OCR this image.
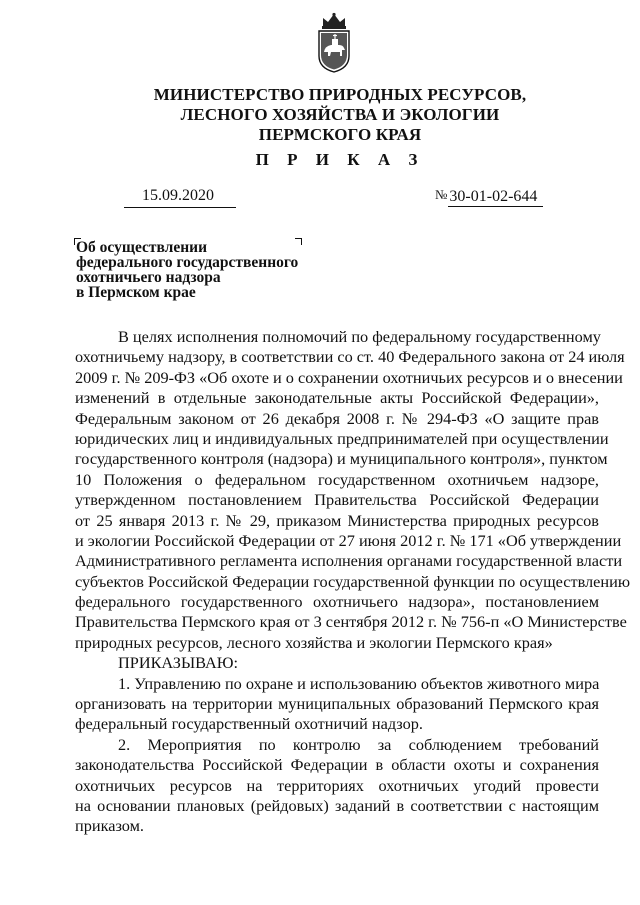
МИНИСТЕРСТВО ПРИРОДНЫХ РЕСУРСОВ,
ЛЕСНОГО ХОЗЯЙСТВА И ЭКОЛОГИИ
ПЕРМСКОГО КРАЯ
П Р И К А З
15.09.2020	№ 30-01-02-644
Об осуществлении
федерального государственного
охотничьего надзора
в Пермском крае
В целях исполнения полномочий по федеральному государственному
охотничьему надзору, в соответствии со ст. 40 Федерального закона от 24 июля
2009 г. № 209-ФЗ «Об охоте и о сохранении охотничьих ресурсов и о внесении
изменений в отдельные законодательные акты Российской Федерации»,
Федеральным законом от 26 декабря 2008 г. № 294-ФЗ «О защите прав
юридических лиц и индивидуальных предпринимателей при осуществлении
государственного контроля (надзора) и муниципального контроля», пунктом
10 Положения о федеральном государственном охотничьем надзоре,
утвержденном постановлением Правительства Российской Федерации
от 25 января 2013 г. № 29, приказом Министерства природных ресурсов
и экологии Российской Федерации от 27 июня 2012 г. № 171 «Об утверждении
Административного регламента исполнения органами государственной власти
субъектов Российской Федерации государственной функции по осуществлению
федерального государственного охотничьего надзора», постановлением
Правительства Пермского края от 3 сентября 2012 г. № 756-п «О Министерстве
природных ресурсов, лесного хозяйства и экологии Пермского края»
ПРИКАЗЫВАЮ:
1. Управлению по охране и использованию объектов животного мира
организовать на территории муниципальных образований Пермского края
федеральный государственный охотничий надзор.
2. Мероприятия по контролю за соблюдением требований
законодательства Российской Федерации в области охоты и сохранения
охотничьих ресурсов на территориях охотничьих угодий провести
на основании плановых (рейдовых) заданий в соответствии с настоящим
приказом.
